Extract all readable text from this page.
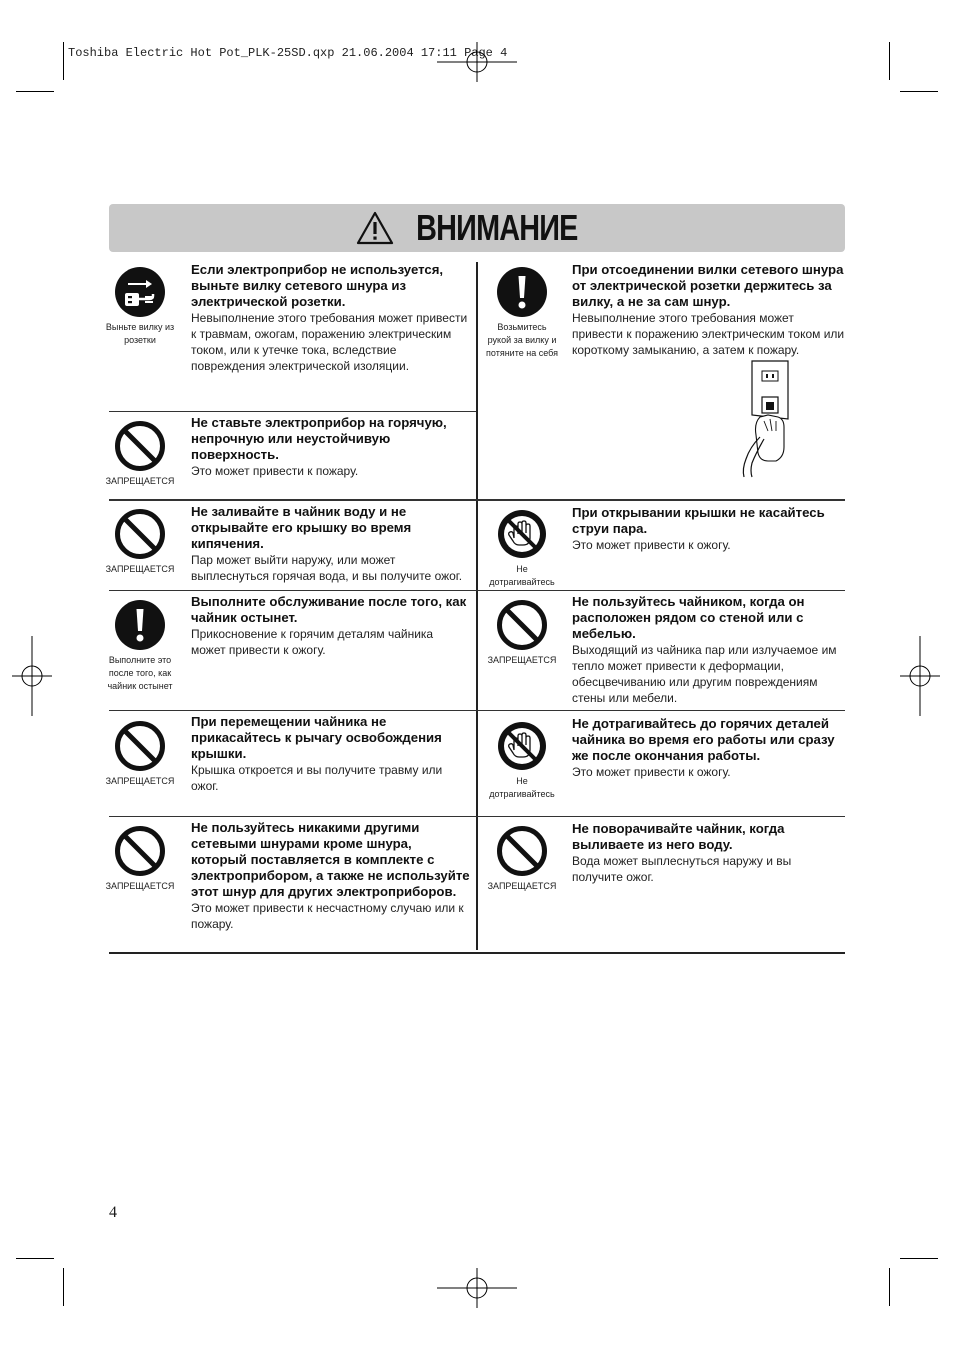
Toshiba Electric Hot Pot_PLK-25SD.qxp 21.06.2004 17:11 Page 4
ВНИМАНИЕ
Выньте вилку из розетки
Если электроприбор не используется, выньте вилку сетевого шнура из электрической розетки.
Невыполнение этого требования может привести к травмам, ожогам, поражению электрическим током, или к утечке тока, вследствие повреждения электрической изоляции.
ЗАПРЕЩАЕТСЯ
Не ставьте электроприбор на горячую, непрочную или неустойчивую поверхность.
Это может привести к пожару.
ЗАПРЕЩАЕТСЯ
Не заливайте в чайник воду и не открывайте его крышку во время кипячения.
Пар может выйти наружу, или может выплеснуться горячая вода, и вы получите ожог.
Выполните это после того, как чайник остынет
Выполните обслуживание после того, как чайник остынет.
Прикосновение к горячим деталям чайника может привести к ожогу.
ЗАПРЕЩАЕТСЯ
При перемещении чайника не прикасайтесь к рычагу освобождения крышки.
Крышка откроется и вы получите травму или ожог.
ЗАПРЕЩАЕТСЯ
Не пользуйтесь никакими другими сетевыми шнурами кроме шнура, который поставляется в комплекте с электроприбором, а также не используйте этот шнур для других электроприборов.
Это может привести к несчастному случаю или к пожару.
Возьмитесь рукой за вилку и потяните на себя
При отсоединении вилки сетевого шнура от электрической розетки держитесь за вилку, а не за сам шнур.
Невыполнение этого требования может привести к поражению электрическим током или короткому замыканию, а затем к пожару.
Не дотрагивайтесь
При открывании крышки не касайтесь струи пара.
Это может привести к ожогу.
ЗАПРЕЩАЕТСЯ
Не пользуйтесь чайником, когда он расположен рядом со стеной или с мебелью.
Выходящий из чайника пар или излучаемое им тепло может привести к деформации, обесцвечиванию или другим повреждениям стены или мебели.
Не дотрагивайтесь
Не дотрагивайтесь до горячих деталей чайника во время его работы или сразу же после окончания работы.
Это может привести к ожогу.
ЗАПРЕЩАЕТСЯ
Не поворачивайте чайник, когда выливаете из него воду.
Вода может выплеснуться наружу и вы получите ожог.
4
